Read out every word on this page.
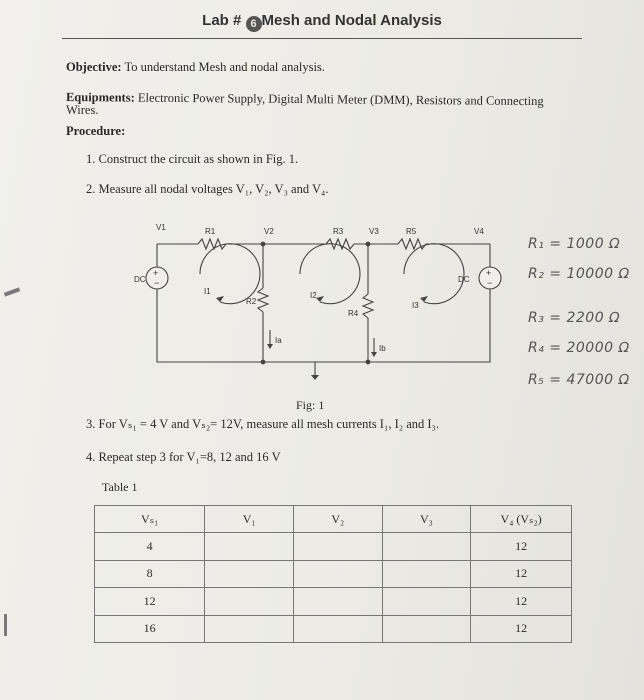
Lab # 6 Mesh and Nodal Analysis
Objective: To understand Mesh and nodal analysis.
Equipments: Electronic Power Supply, Digital Multi Meter (DMM), Resistors and Connecting
Wires.
Procedure:
1. Construct the circuit as shown in Fig. 1.
2. Measure all nodal voltages V₁, V₂, V₃ and V₄.
V1	R1	V2	R3	V3	R5	V4
DC	DC
I1	I2
I3
R2
R4
Ia
Ib
+	+
−	−
R₁ = 1000 Ω
R₂ = 10000 Ω
R₃ = 2200 Ω
R₄ = 20000 Ω
R₅ = 47000 Ω
Fig: 1
3. For Vₛ₁ = 4 V and Vₛ₂= 12V, measure all mesh currents I₁, I₂ and I₃.
4. Repeat step 3 for V₁=8, 12 and 16 V
Table 1
Vₛ₁	V₁	V₂	V₃	V₄ (Vₛ₂)
4				12
8				12
12				12
16				12
